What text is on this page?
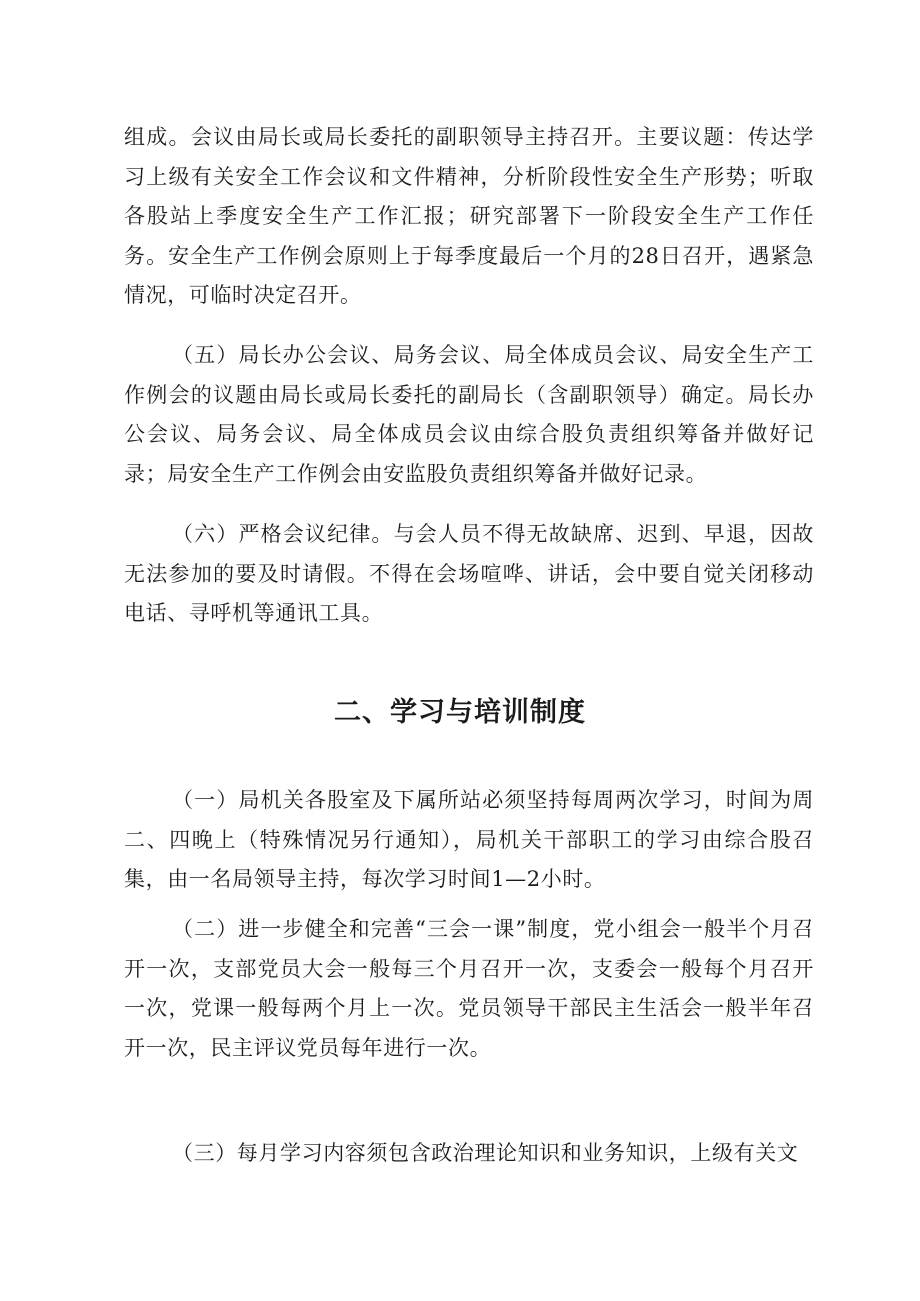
组成。会议由局长或局长委托的副职领导主持召开。主要议题：传达学习上级有关安全工作会议和文件精神，分析阶段性安全生产形势；听取各股站上季度安全生产工作汇报；研究部署下一阶段安全生产工作任务。安全生产工作例会原则上于每季度最后一个月的28日召开，遇紧急情况，可临时决定召开。

（五）局长办公会议、局务会议、局全体成员会议、局安全生产工作例会的议题由局长或局长委托的副局长（含副职领导）确定。局长办公会议、局务会议、局全体成员会议由综合股负责组织筹备并做好记录；局安全生产工作例会由安监股负责组织筹备并做好记录。

（六）严格会议纪律。与会人员不得无故缺席、迟到、早退，因故无法参加的要及时请假。不得在会场喧哗、讲话，会中要自觉关闭移动电话、寻呼机等通讯工具。

二、学习与培训制度

（一）局机关各股室及下属所站必须坚持每周两次学习，时间为周二、四晚上（特殊情况另行通知），局机关干部职工的学习由综合股召集，由一名局领导主持，每次学习时间1—2小时。

（二）进一步健全和完善“三会一课”制度，党小组会一般半个月召开一次，支部党员大会一般每三个月召开一次，支委会一般每个月召开一次，党课一般每两个月上一次。党员领导干部民主生活会一般半年召开一次，民主评议党员每年进行一次。

（三）每月学习内容须包含政治理论知识和业务知识，上级有关文
